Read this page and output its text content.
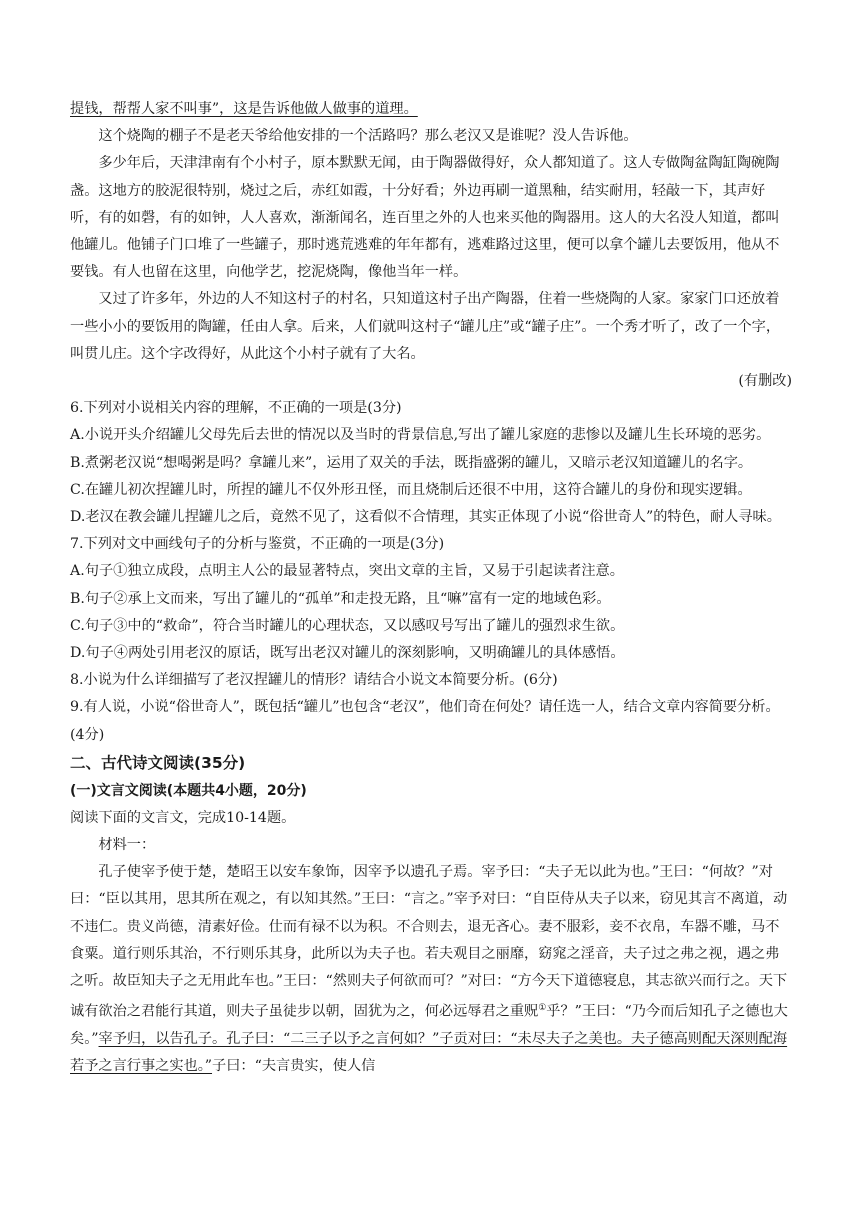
提钱，帮帮人家不叫事”，这是告诉他做人做事的道理。

这个烧陶的棚子不是老天爷给他安排的一个活路吗？那么老汉又是谁呢？没人告诉他。

多少年后，天津津南有个小村子，原本默默无闻，由于陶器做得好，众人都知道了。这人专做陶盆陶缸陶碗陶盏。这地方的胶泥很特别，烧过之后，赤红如霞，十分好看；外边再刷一道黑釉，结实耐用，轻敲一下，其声好听，有的如磬，有的如钟，人人喜欢，渐渐闻名，连百里之外的人也来买他的陶器用。这人的大名没人知道，都叫他罐儿。他铺子门口堆了一些罐子，那时逃荒逃难的年年都有，逃难路过这里，便可以拿个罐儿去要饭用，他从不要钱。有人也留在这里，向他学艺，挖泥烧陶，像他当年一样。

又过了许多年，外边的人不知这村子的村名，只知道这村子出产陶器，住着一些烧陶的人家。家家门口还放着一些小小的要饭用的陶罐，任由人拿。后来，人们就叫这村子“罐儿庄”或“罐子庄”。一个秀才听了，改了一个字，叫贯儿庄。这个字改得好，从此这个小村子就有了大名。

(有删改)

6.下列对小说相关内容的理解，不正确的一项是(3分)

A.小说开头介绍罐儿父母先后去世的情况以及当时的背景信息,写出了罐儿家庭的悲惨以及罐儿生长环境的恶劣。

B.煮粥老汉说“想喝粥是吗？拿罐儿来”，运用了双关的手法，既指盛粥的罐儿，又暗示老汉知道罐儿的名字。

C.在罐儿初次捏罐儿时，所捏的罐儿不仅外形丑怪，而且烧制后还很不中用，这符合罐儿的身份和现实逻辑。

D.老汉在教会罐儿捏罐儿之后，竟然不见了，这看似不合情理，其实正体现了小说“俗世奇人”的特色，耐人寻味。

7.下列对文中画线句子的分析与鉴赏，不正确的一项是(3分)

A.句子①独立成段，点明主人公的最显著特点，突出文章的主旨，又易于引起读者注意。

B.句子②承上文而来，写出了罐儿的“孤单”和走投无路，且“嘛”富有一定的地域色彩。

C.句子③中的“救命”，符合当时罐儿的心理状态，又以感叹号写出了罐儿的强烈求生欲。

D.句子④两处引用老汉的原话，既写出老汉对罐儿的深刻影响，又明确罐儿的具体感悟。

8.小说为什么详细描写了老汉捏罐儿的情形？请结合小说文本简要分析。(6分)

9.有人说，小说“俗世奇人”，既包括“罐儿”也包含“老汉”，他们奇在何处？请任选一人，结合文章内容简要分析。(4分)

二、古代诗文阅读(35分)

(一)文言文阅读(本题共4小题，20分)

阅读下面的文言文，完成10-14题。

材料一：

孔子使宰予使于楚，楚昭王以安车象饰，因宰予以遗孔子焉。宰予曰：“夫子无以此为也。”王曰：“何故？”对曰：“臣以其用，思其所在观之，有以知其然。”王曰：“言之。”宰予对曰：“自臣侍从夫子以来，窃见其言不离道，动不违仁。贵义尚德，清素好俭。仕而有禄不以为积。不合则去，退无吝心。妻不服彩，妾不衣帛，车器不雕，马不食粟。道行则乐其治，不行则乐其身，此所以为夫子也。若夫观目之丽靡，窈窕之淫音，夫子过之弗之视，遇之弗之听。故臣知夫子之无用此车也。”王曰：“然则夫子何欲而可？”对曰：“方今天下道德寝息，其志欲兴而行之。天下诚有欲治之君能行其道，则夫子虽徒步以朝，固犹为之，何必远辱君之重贶①乎？”王曰：“乃今而后知孔子之德也大矣。”宰予归，以告孔子。孔子曰：“二三子以予之言何如？”子贡对曰：“未尽夫子之美也。夫子德高则配天深则配海若予之言行事之实也。”子曰：“夫言贵实，使人信
